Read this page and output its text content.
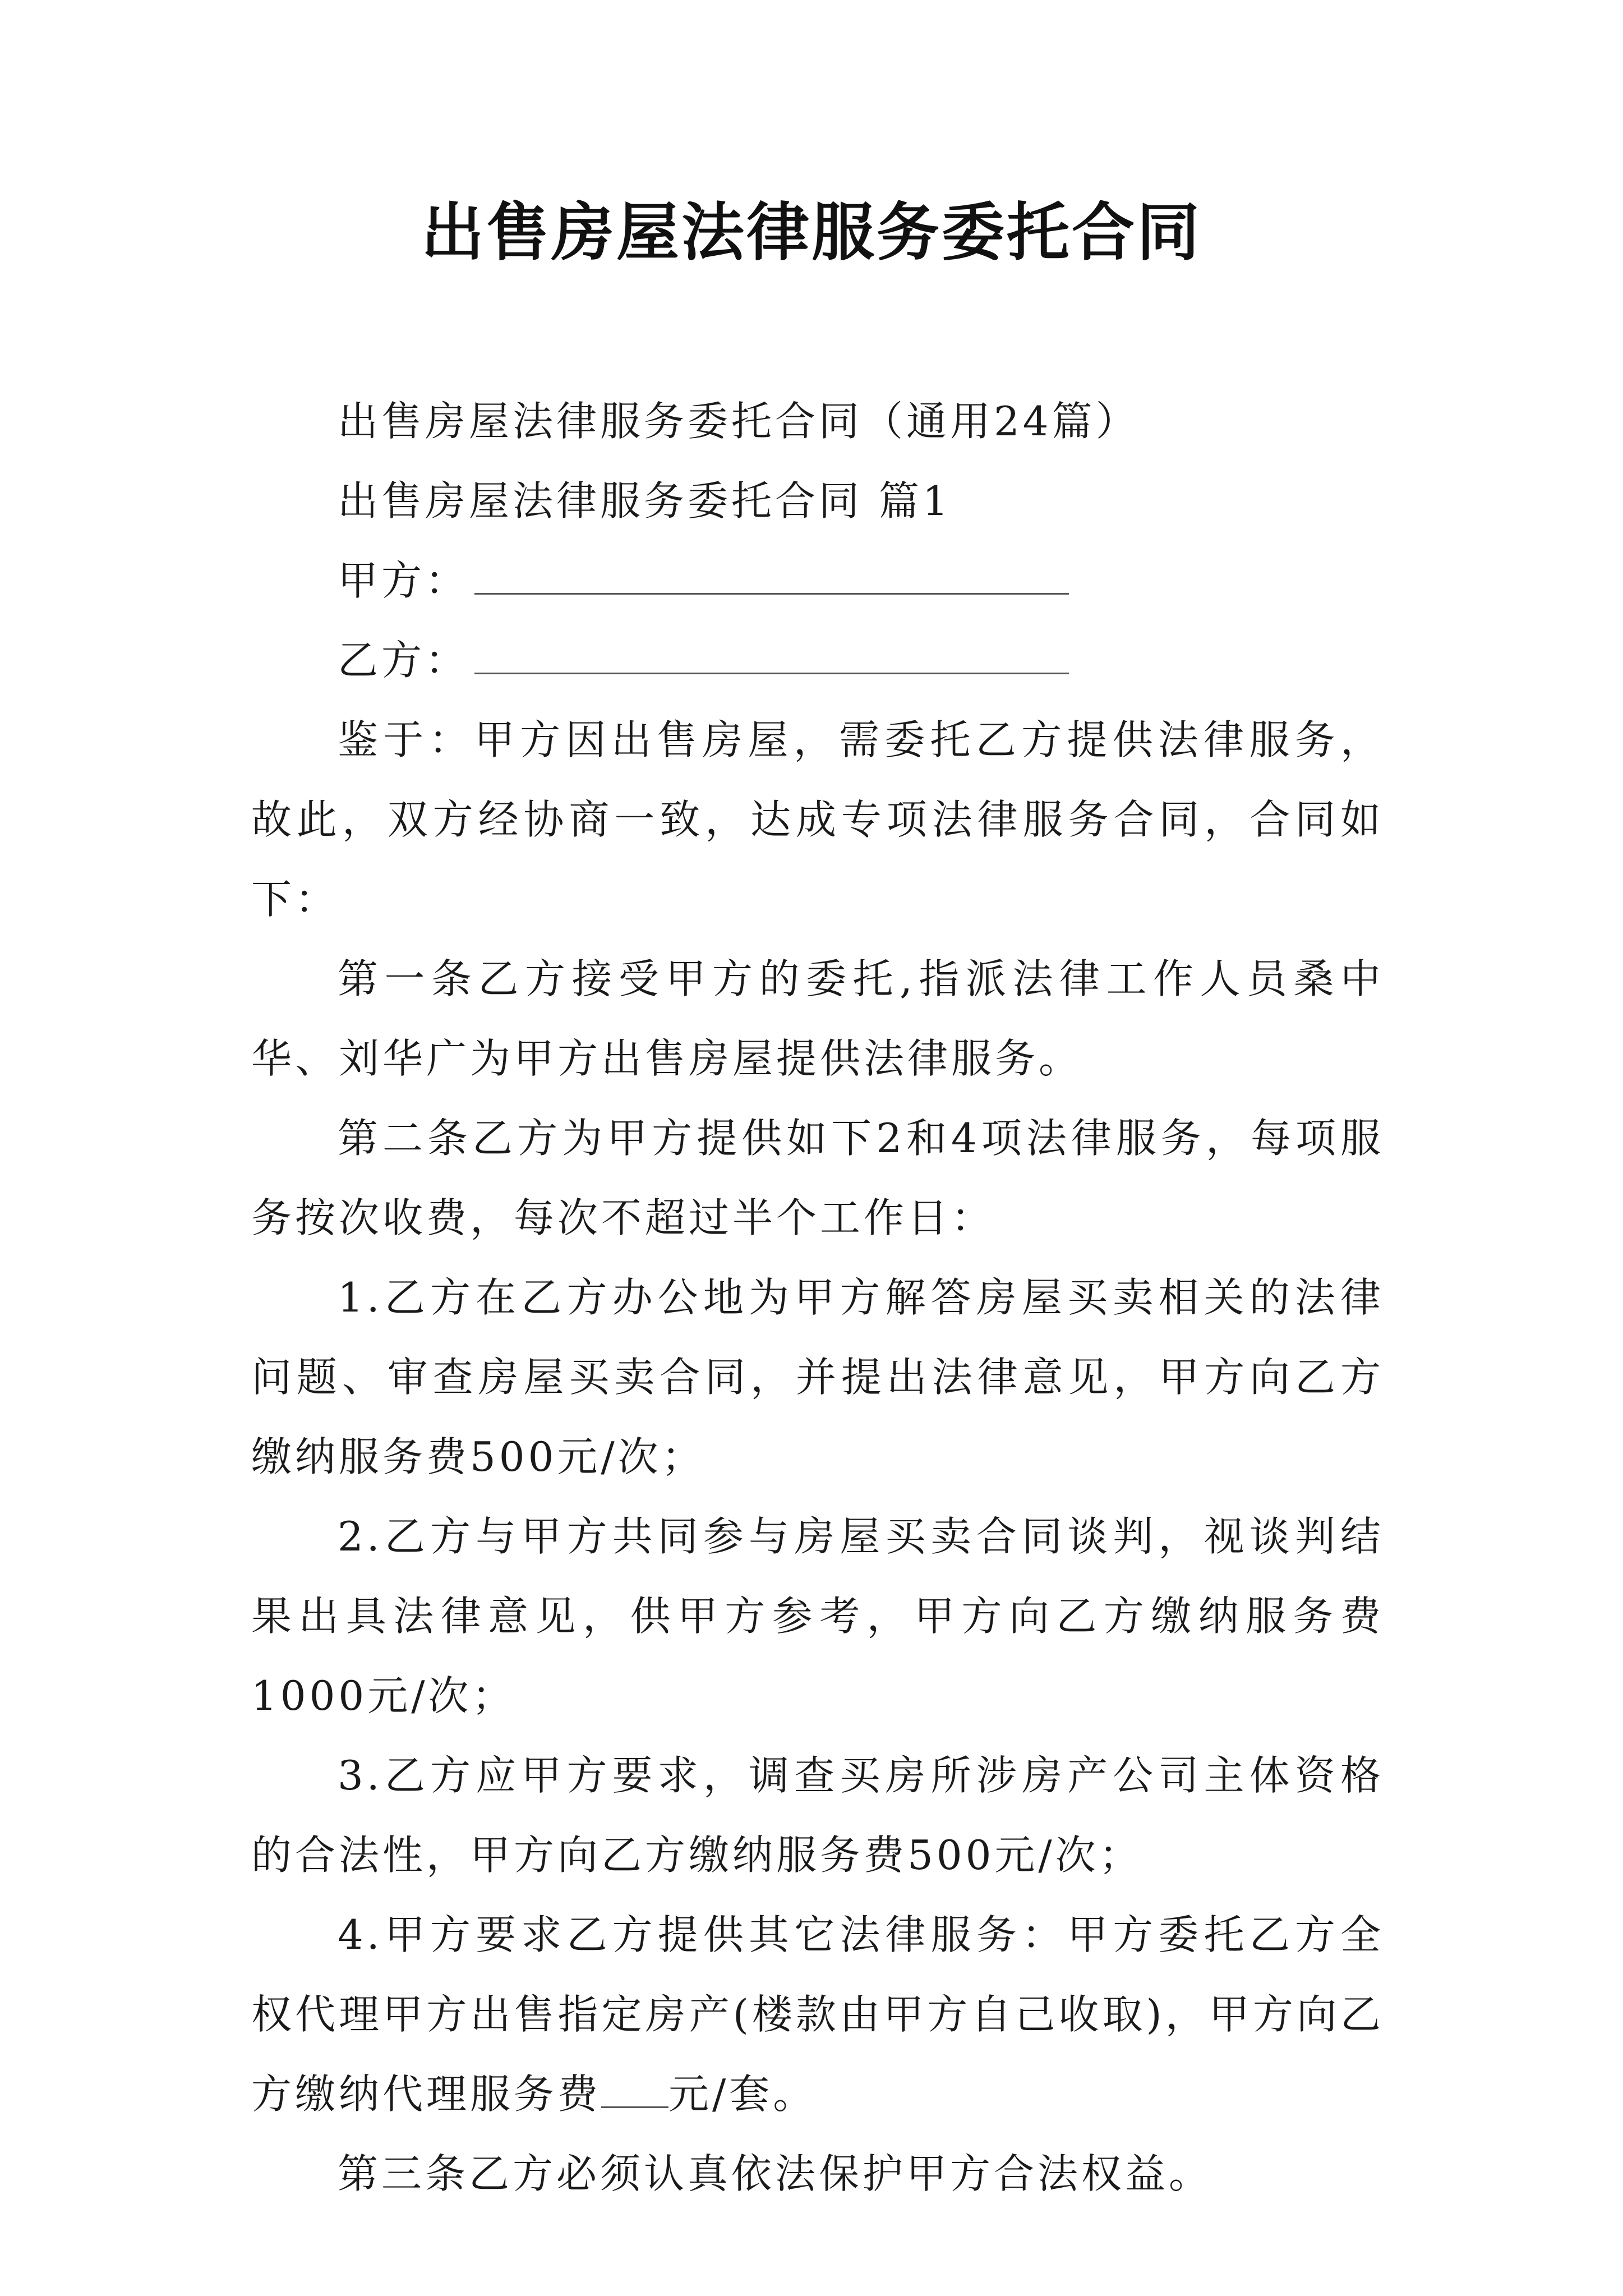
出售房屋法律服务委托合同

出售房屋法律服务委托合同（通用24篇）

出售房屋法律服务委托合同 篇1

甲方：

乙方：

鉴于：甲方因出售房屋，需委托乙方提供法律服务，故此，双方经协商一致，达成专项法律服务合同，合同如下：

第一条乙方接受甲方的委托,指派法律工作人员桑中华、刘华广为甲方出售房屋提供法律服务。

第二条乙方为甲方提供如下2和4项法律服务，每项服务按次收费，每次不超过半个工作日：

1.乙方在乙方办公地为甲方解答房屋买卖相关的法律问题、审查房屋买卖合同，并提出法律意见，甲方向乙方缴纳服务费500元/次；

2.乙方与甲方共同参与房屋买卖合同谈判，视谈判结果出具法律意见，供甲方参考，甲方向乙方缴纳服务费1000元/次；

3.乙方应甲方要求，调查买房所涉房产公司主体资格的合法性，甲方向乙方缴纳服务费500元/次；

4.甲方要求乙方提供其它法律服务：甲方委托乙方全权代理甲方出售指定房产(楼款由甲方自己收取)，甲方向乙方缴纳代理服务费 元/套。

第三条乙方必须认真依法保护甲方合法权益。
